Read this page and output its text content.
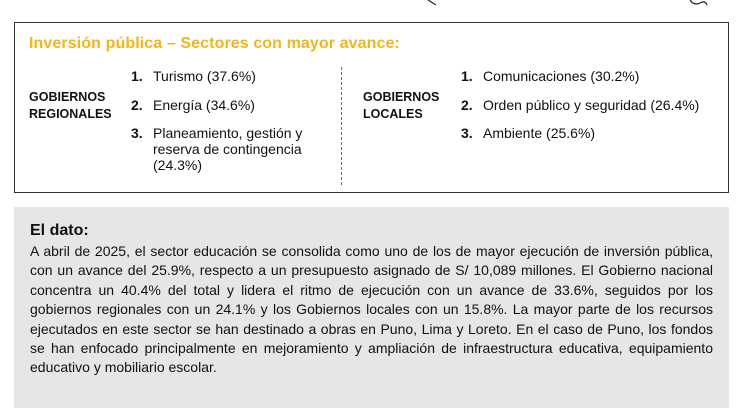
Inversión pública – Sectores con mayor avance:
GOBIERNOS REGIONALES
1. Turismo (37.6%)
2. Energía (34.6%)
3. Planeamiento, gestión y reserva de contingencia (24.3%)
GOBIERNOS LOCALES
1. Comunicaciones (30.2%)
2. Orden público y seguridad (26.4%)
3. Ambiente (25.6%)
El dato:

A abril de 2025, el sector educación se consolida como uno de los de mayor ejecución de inversión pública, con un avance del 25.9%, respecto a un presupuesto asignado de S/ 10,089 millones. El Gobierno nacional concentra un 40.4% del total y lidera el ritmo de ejecución con un avance de 33.6%, seguidos por los gobiernos regionales con un 24.1% y los Gobiernos locales con un 15.8%. La mayor parte de los recursos ejecutados en este sector se han destinado a obras en Puno, Lima y Loreto. En el caso de Puno, los fondos se han enfocado principalmente en mejoramiento y ampliación de infraestructura educativa, equipamiento educativo y mobiliario escolar.
